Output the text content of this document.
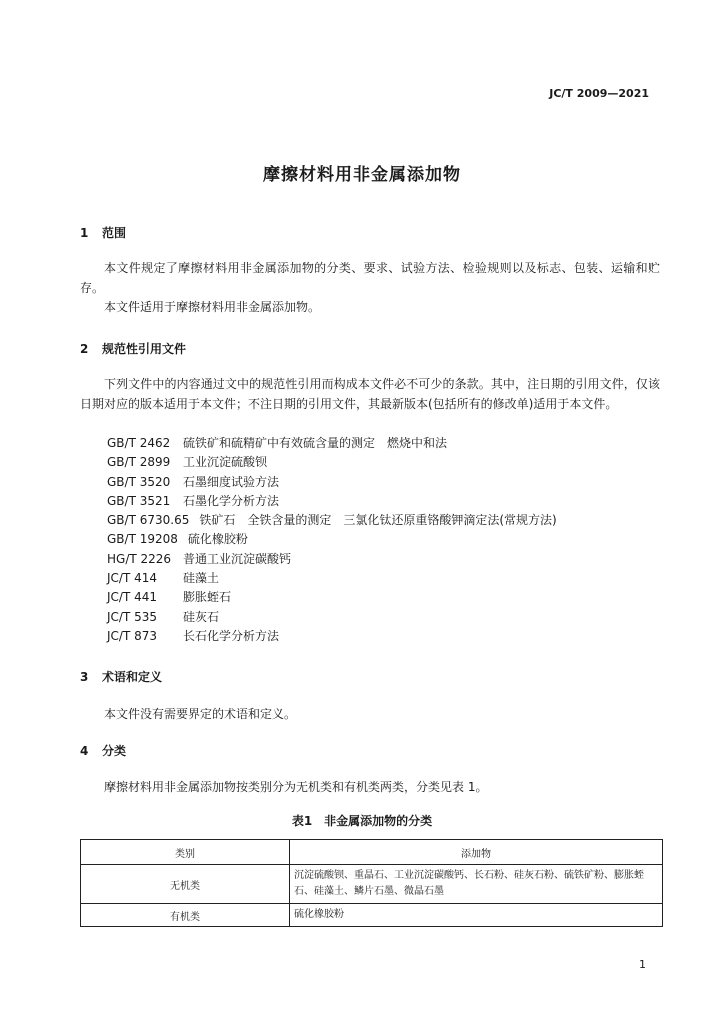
JC/T 2009—2021
摩擦材料用非金属添加物
1 范围
本文件规定了摩擦材料用非金属添加物的分类、要求、试验方法、检验规则以及标志、包装、运输和贮存。
本文件适用于摩擦材料用非金属添加物。
2 规范性引用文件
下列文件中的内容通过文中的规范性引用而构成本文件必不可少的条款。其中，注日期的引用文件，仅该日期对应的版本适用于本文件；不注日期的引用文件，其最新版本(包括所有的修改单)适用于本文件。
GB/T 2462 硫铁矿和硫精矿中有效硫含量的测定　燃烧中和法
GB/T 2899 工业沉淀硫酸钡
GB/T 3520 石墨细度试验方法
GB/T 3521 石墨化学分析方法
GB/T 6730.65 铁矿石　全铁含量的测定　三氯化钛还原重铬酸钾滴定法(常规方法)
GB/T 19208 硫化橡胶粉
HG/T 2226 普通工业沉淀碳酸钙
JC/T 414 硅藻土
JC/T 441 膨胀蛭石
JC/T 535 硅灰石
JC/T 873 长石化学分析方法
3 术语和定义
本文件没有需要界定的术语和定义。
4 分类
摩擦材料用非金属添加物按类别分为无机类和有机类两类，分类见表 1。
表1　非金属添加物的分类
类别	添加物
无机类	沉淀硫酸钡、重晶石、工业沉淀碳酸钙、长石粉、硅灰石粉、硫铁矿粉、膨胀蛭石、硅藻土、鳞片石墨、微晶石墨
有机类	硫化橡胶粉
1
